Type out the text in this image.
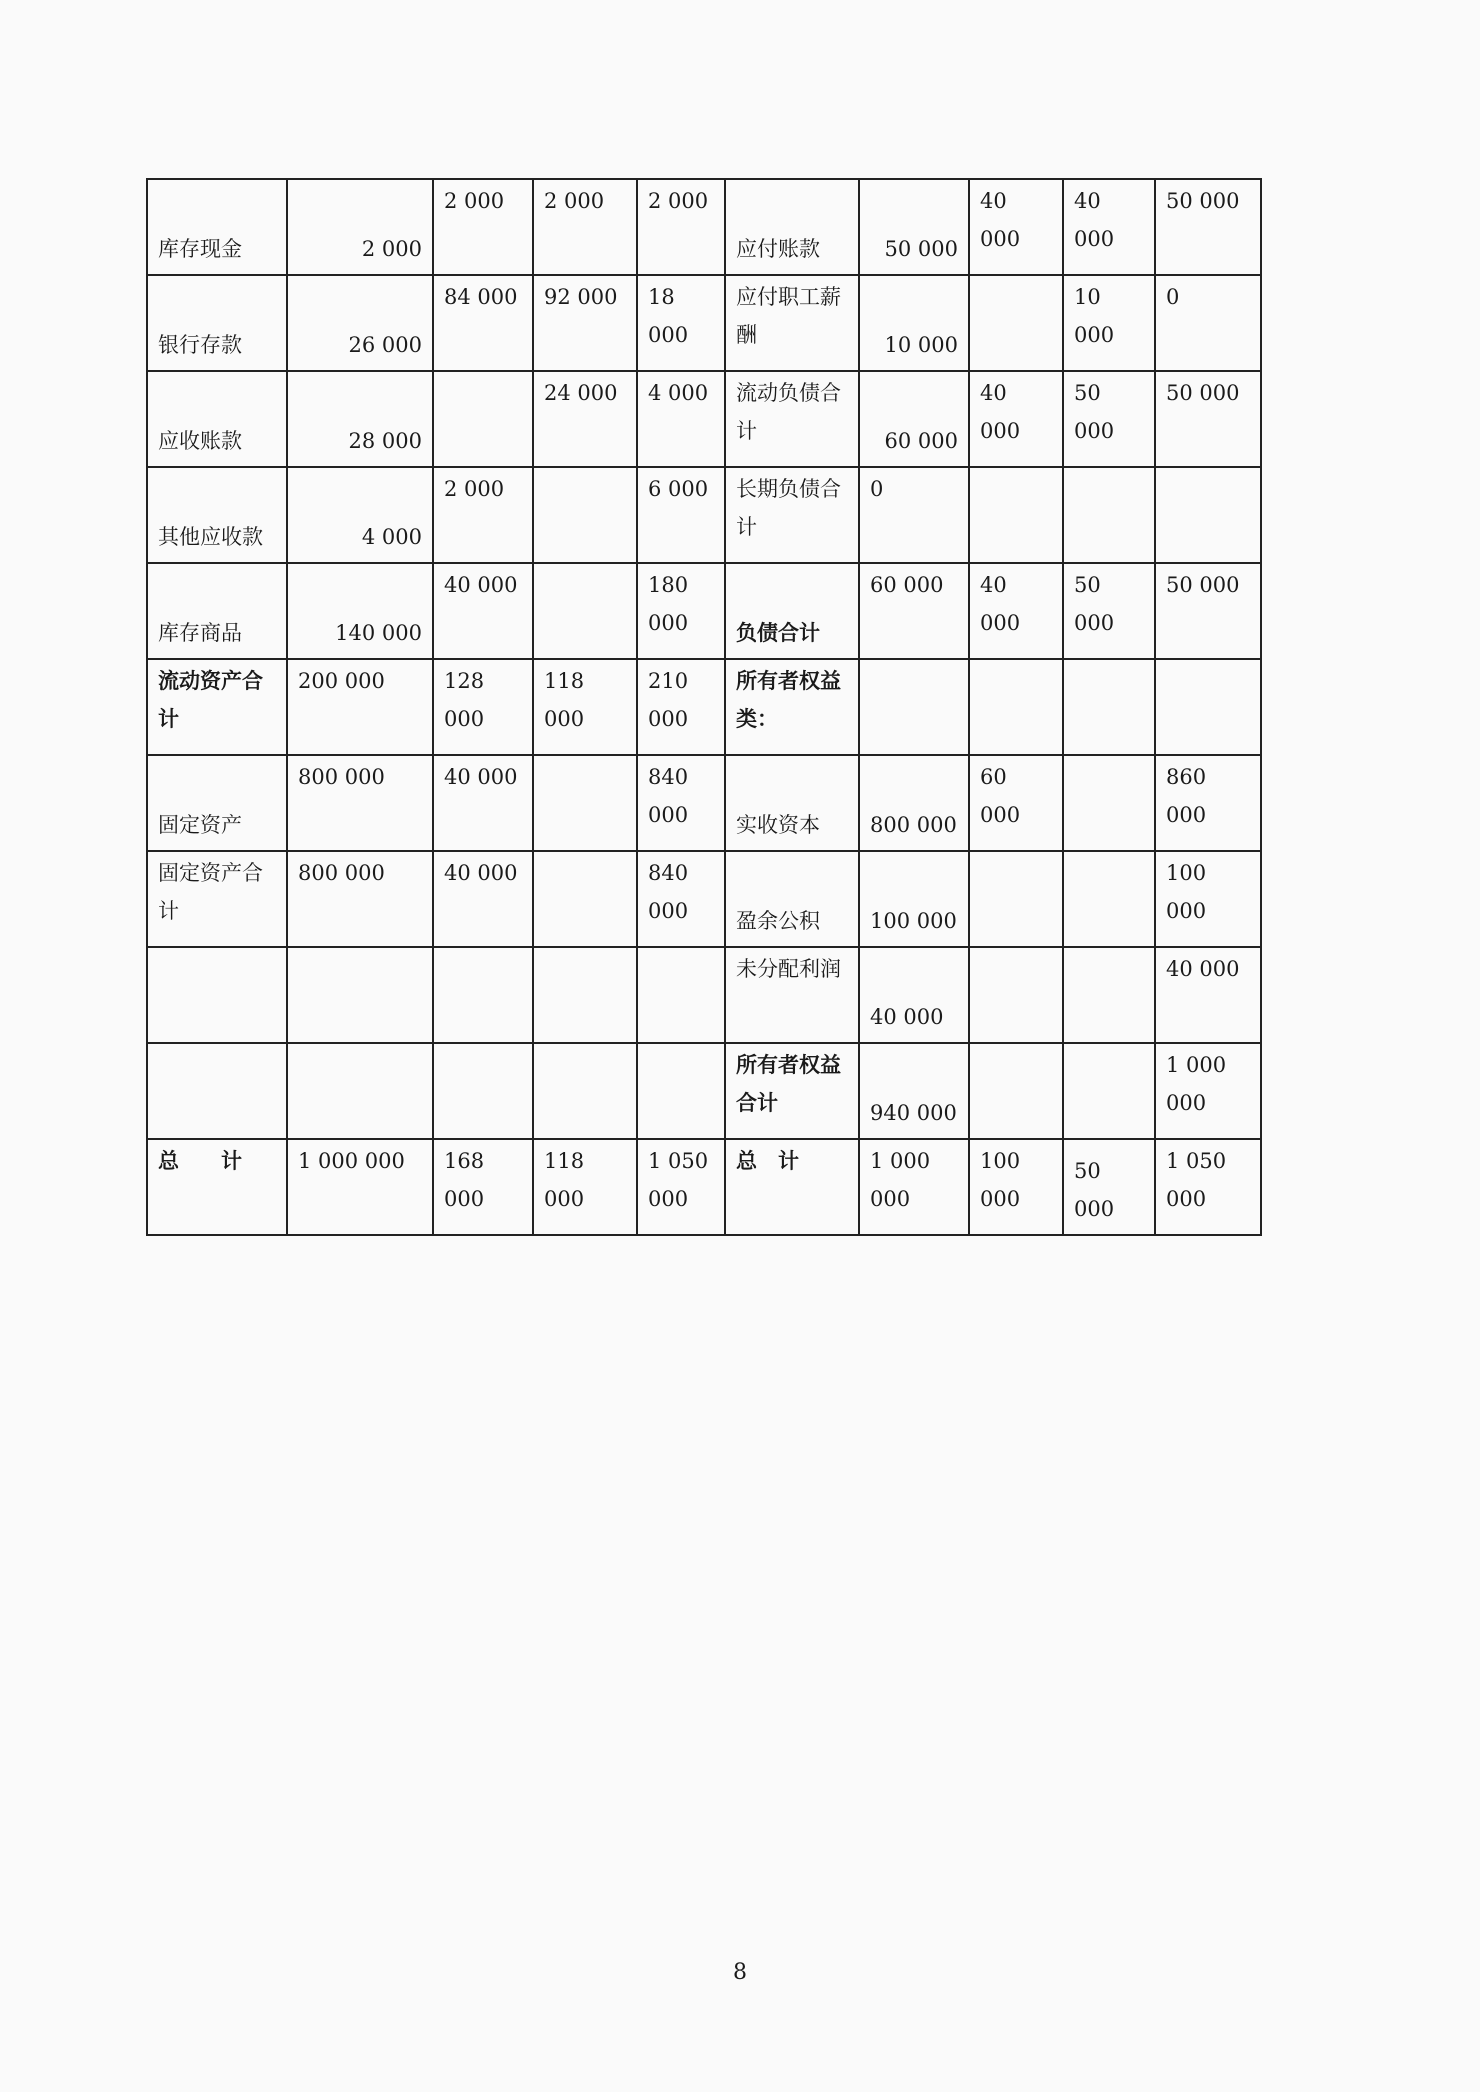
库存现金	2 000	2 000	2 000	2 000	应付账款	50 000	40 000	40 000	50 000

银行存款	26 000	84 000	92 000	18 000	应付职工薪酬	10 000		10 000	0

应收账款	28 000		24 000	4 000	流动负债合计	60 000	40 000	50 000	50 000

其他应收款	4 000	2 000		6 000	长期负债合计	0			

库存商品	140 000	40 000		180 000	负债合计	60 000	40 000	50 000	50 000

流动资产合计	200 000	128 000	118 000	210 000	所有者权益类：				

固定资产	800 000	40 000		840 000	实收资本	800 000	60 000		860 000

固定资产合计	800 000	40 000		840 000	盈余公积	100 000			100 000

					未分配利润	40 000			40 000

					所有者权益合计	940 000			1 000 000

总　　计	1 000 000	168 000	118 000	1 050 000	总　计	1 000 000	100 000	50 000	1 050 000
8
